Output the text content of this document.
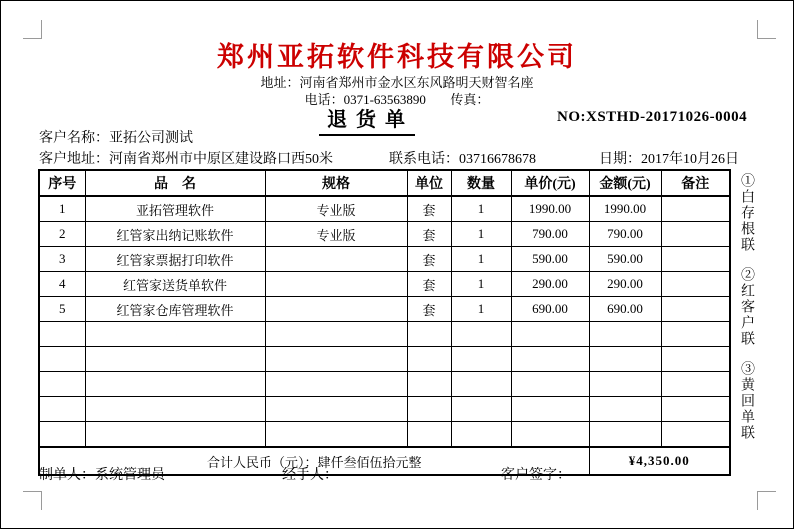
郑州亚拓软件科技有限公司
地址：河南省郑州市金水区东风路明天财智名座
电话：0371-63563890 传真：
退 货 单	NO:XSTHD-20171026-0004
客户名称：亚拓公司测试
客户地址：河南省郑州市中原区建设路口西50米	联系电话：03716678678	日期：2017年10月26日
序号	品　名	规格	单位	数量	单价(元)	金额(元)	备注
1	亚拓管理软件	专业版	套	1	1990.00	1990.00	
2	红管家出纳记账软件	专业版	套	1	790.00	790.00	
3	红管家票据打印软件		套	1	590.00	590.00	
4	红管家送货单软件		套	1	290.00	290.00	
5	红管家仓库管理软件		套	1	690.00	690.00	

合计人民币（元）：肆仟叁佰伍拾元整						¥4,350.00	
①白存根联
②红客户联
③黄回单联
制单人：系统管理员	经手人：	客户签字：
